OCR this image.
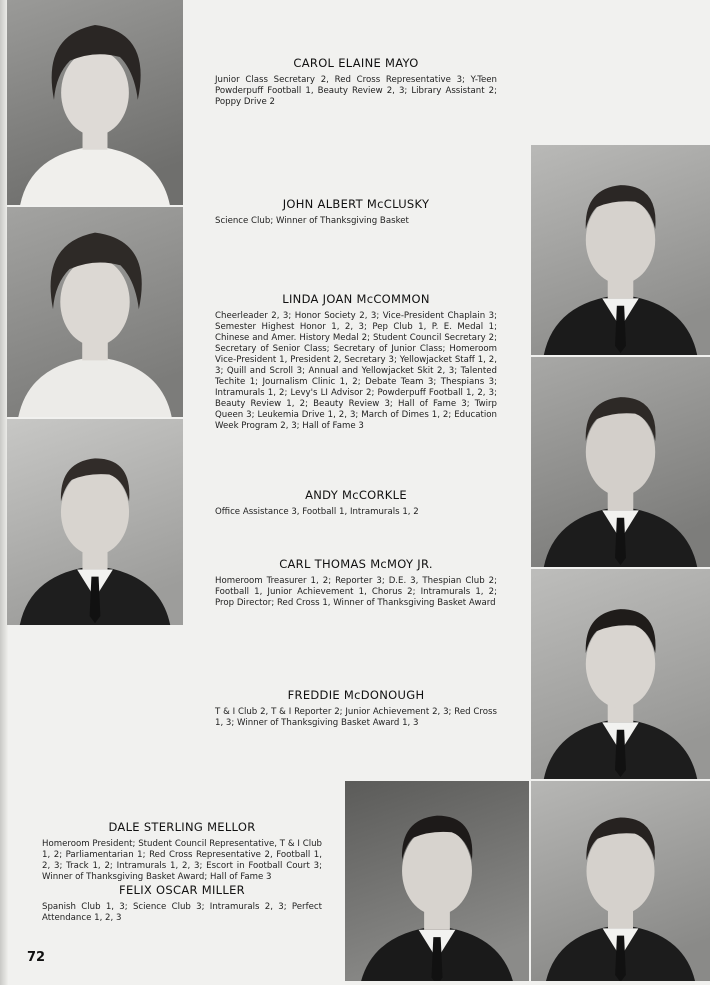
CAROL ELAINE MAYO

Junior Class Secretary 2, Red Cross Representative 3; Y-Teen Powderpuff Football 1, Beauty Review 2, 3; Library Assistant 2; Poppy Drive 2

JOHN ALBERT McCLUSKY

Science Club; Winner of Thanksgiving Basket

LINDA JOAN McCOMMON

Cheerleader 2, 3; Honor Society 2, 3; Vice-President Chaplain 3; Semester Highest Honor 1, 2, 3; Pep Club 1, P. E. Medal 1; Chinese and Amer. History Medal 2; Student Council Secretary 2; Secretary of Senior Class; Secretary of Junior Class; Homeroom Vice-President 1, President 2, Secretary 3; Yellowjacket Staff 1, 2, 3; Quill and Scroll 3; Annual and Yellowjacket Skit 2, 3; Talented Techite 1; Journalism Clinic 1, 2; Debate Team 3; Thespians 3; Intramurals 1, 2; Levy's LI Advisor 2; Powderpuff Football 1, 2, 3; Beauty Review 1, 2; Beauty Review 3; Hall of Fame 3; Twirp Queen 3; Leukemia Drive 1, 2, 3; March of Dimes 1, 2; Education Week Program 2, 3; Hall of Fame 3

ANDY McCORKLE

Office Assistance 3, Football 1, Intramurals 1, 2

CARL THOMAS McMOY JR.

Homeroom Treasurer 1, 2; Reporter 3; D.E. 3, Thespian Club 2; Football 1, Junior Achievement 1, Chorus 2; Intramurals 1, 2; Prop Director; Red Cross 1, Winner of Thanksgiving Basket Award

FREDDIE McDONOUGH

T & I Club 2, T & I Reporter 2; Junior Achievement 2, 3; Red Cross 1, 3; Winner of Thanksgiving Basket Award 1, 3

DALE STERLING MELLOR

Homeroom President; Student Council Representative, T & I Club 1, 2; Parliamentarian 1; Red Cross Representative 2, Football 1, 2, 3; Track 1, 2; Intramurals 1, 2, 3; Escort in Football Court 3; Winner of Thanksgiving Basket Award; Hall of Fame 3

FELIX OSCAR MILLER

Spanish Club 1, 3; Science Club 3; Intramurals 2, 3; Perfect Attendance 1, 2, 3

72
